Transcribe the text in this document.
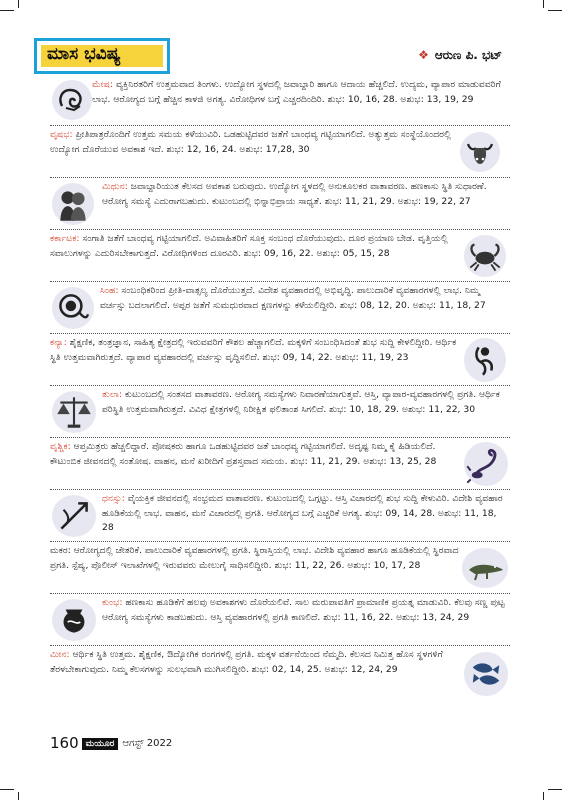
ಮಾಸ ಭವಿಷ್ಯ	❖ ಆರುಣ ಪಿ. ಭಟ್
ಮೇಷ: ವ್ಯಕ್ತಿನಿರತರಿಗೆ ಉತ್ತಮವಾದ ತಿಂಗಳು. ಉದ್ಯೋಗ ಸ್ಥಳದಲ್ಲಿ ಜವಾಬ್ದಾರಿ ಹಾಗೂ ಆದಾಯ ಹೆಚ್ಚಲಿದೆ. ಉದ್ಯಮ, ವ್ಯಾಪಾರ ಮಾಡುವವರಿಗೆ ಲಾಭ. ಆರೋಗ್ಯದ ಬಗ್ಗೆ ಹೆಚ್ಚಿನ ಕಾಳಜಿ ಅಗತ್ಯ. ವಿರೋಧಿಗಳ ಬಗ್ಗೆ ಎಚ್ಚರದಿಂದಿರಿ. ಶುಭ: 10, 16, 28. ಅಶುಭ: 13, 19, 29
ವೃಷಭ: ಪ್ರೀತಿಪಾತ್ರರೊಂದಿಗೆ ಉತ್ತಮ ಸಮಯ ಕಳೆಯುವಿರಿ. ಒಡಹುಟ್ಟಿದವರ ಜತೆಗೆ ಬಾಂಧವ್ಯ ಗಟ್ಟಿಯಾಗಲಿದೆ. ಅತ್ಯುತ್ತಮ ಸಂಸ್ಥೆಯೊಂದರಲ್ಲಿ ಉದ್ಯೋಗ ದೊರೆಯುವ ಅವಕಾಶ ಇದೆ. ಶುಭ: 12, 16, 24. ಅಶುಭ: 17,28, 30
ಮಿಥುನ: ಜವಾಬ್ದಾರಿಯುತ ಕೆಲಸದ ಅವಕಾಶ ಬರುವುದು. ಉದ್ಯೋಗ ಸ್ಥಳದಲ್ಲಿ ಅನುಕೂಲಕರ ವಾತಾವರಣ. ಹಣಕಾಸು ಸ್ಥಿತಿ ಸುಧಾರಣೆ. ಆರೋಗ್ಯ ಸಮಸ್ಯೆ ಎದುರಾಗಬಹುದು. ಕುಟುಂಬದಲ್ಲಿ ಭಿನ್ನಾಭಿಪ್ರಾಯ ಸಾಧ್ಯತೆ. ಶುಭ: 11, 21, 29. ಅಶುಭ: 19, 22, 27
ಕರ್ಕಾಟಕ: ಸಂಗಾತಿ ಜತೆಗೆ ಬಾಂಧವ್ಯ ಗಟ್ಟಿಯಾಗಲಿದೆ. ಅವಿವಾಹಿತರಿಗೆ ಸೂಕ್ತ ಸಂಬಂಧ ದೊರೆಯುವುದು. ದೂರ ಪ್ರಯಾಣ ಬೇಡ. ವೃತ್ತಿಯಲ್ಲಿ ಸವಾಲುಗಳನ್ನು ಎದುರಿಸಬೇಕಾಗುತ್ತದೆ. ವಿರೋಧಿಗಳಿಂದ ದೂರವಿರಿ. ಶುಭ: 09, 16, 22. ಅಶುಭ: 05, 15, 28
ಸಿಂಹ: ಸಂಬಂಧಿಕರಿಂದ ಪ್ರೀತಿ-ವಾತ್ಸಲ್ಯ ದೊರೆಯುತ್ತದೆ. ವಿದೇಶ ವ್ಯವಹಾರದಲ್ಲಿ ಅಭಿವೃದ್ಧಿ. ಪಾಲುದಾರಿಕೆ ವ್ಯವಹಾರಗಳಲ್ಲಿ ಲಾಭ. ನಿಮ್ಮ ವರ್ಚಸ್ಸು ಬದಲಾಗಲಿದೆ. ಅಪ್ಪರ ಜತೆಗೆ ಸುಮಧುರವಾದ ಕ್ಷಣಗಳನ್ನು ಕಳೆಯಲಿದ್ದೀರಿ. ಶುಭ: 08, 12, 20. ಅಶುಭ: 11, 18, 27
ಕನ್ಯಾ: ಶೈಕ್ಷಣಿಕ, ತಂತ್ರಜ್ಞಾನ, ಸಾಹಿತ್ಯ ಕ್ಷೇತ್ರದಲ್ಲಿ ಇರುವವರಿಗೆ ಕೌಶಲ ಹೆಚ್ಚಾಗಲಿದೆ. ಮಕ್ಕಳಿಗೆ ಸಂಬಂಧಿಸಿದಂತೆ ಶುಭ ಸುದ್ದಿ ಕೇಳಲಿದ್ದೀರಿ. ಆರ್ಥಿಕ ಸ್ಥಿತಿ ಉತ್ತಮವಾಗಿರುತ್ತದೆ. ವ್ಯಾಪಾರ ವ್ಯವಹಾರದಲ್ಲಿ ವರ್ಚಸ್ಸು ವೃದ್ಧಿಸಲಿದೆ. ಶುಭ: 09, 14, 22. ಅಶುಭ: 11, 19, 23
ತುಲಾ: ಕುಟುಂಬದಲ್ಲಿ ಸಂತಸದ ವಾತಾವರಣ. ಆರೋಗ್ಯ ಸಮಸ್ಯೆಗಳು ನಿವಾರಣೆಯಾಗುತ್ತವೆ. ಆಸ್ತಿ, ವ್ಯಾಪಾರ-ವ್ಯವಹಾರಗಳಲ್ಲಿ ಪ್ರಗತಿ. ಆರ್ಥಿಕ ಪರಿಸ್ಥಿತಿ ಉತ್ತಮವಾಗಿರುತ್ತದೆ. ವಿವಿಧ ಕ್ಷೇತ್ರಗಳಲ್ಲಿ ನಿರೀಕ್ಷಿತ ಫಲಿತಾಂಶ ಸಿಗಲಿದೆ. ಶುಭ: 10, 18, 29. ಅಶುಭ: 11, 22, 30
ವೃಶ್ಚಿಕ: ಆಪ್ತಮಿತ್ರರು ಹೆಚ್ಚಲಿದ್ದಾರೆ. ಪೋಷಕರು ಹಾಗೂ ಒಡಹುಟ್ಟಿದವರ ಜತೆ ಬಾಂಧವ್ಯ ಗಟ್ಟಿಯಾಗಲಿದೆ. ಅದೃಷ್ಟ ನಿಮ್ಮ ಕೈ ಹಿಡಿಯಲಿದೆ. ಕೌಟುಂಬಿಕ ಜೀವನದಲ್ಲಿ ಸಂತೋಷ. ವಾಹನ, ಮನೆ ಖರೀದಿಗೆ ಪ್ರಶಸ್ತವಾದ ಸಮಯ. ಶುಭ: 11, 21, 29. ಅಶುಭ: 13, 25, 28
ಧನಸ್ಸು: ವೈಯಕ್ತಿಕ ಜೀವನದಲ್ಲಿ ಸಂಭ್ರಮದ ವಾತಾವರಣ. ಕುಟುಂಬದಲ್ಲಿ ಒಗ್ಗಟ್ಟು. ಆಸ್ತಿ ವಿಚಾರದಲ್ಲಿ ಶುಭ ಸುದ್ದಿ ಕೇಳುವಿರಿ. ವಿದೇಶಿ ವ್ಯವಹಾರ ಹೂಡಿಕೆಯಲ್ಲಿ ಲಾಭ. ವಾಹನ, ಮನೆ ವಿಚಾರದಲ್ಲಿ ಪ್ರಗತಿ. ಆರೋಗ್ಯದ ಬಗ್ಗೆ ಎಚ್ಚರಿಕೆ ಅಗತ್ಯ. ಶುಭ: 09, 14, 28. ಅಶುಭ: 11, 18, 28
ಮಕರ: ಆರೋಗ್ಯದಲ್ಲಿ ಚೇತರಿಕೆ. ಪಾಲುದಾರಿಕೆ ವ್ಯವಹಾರಗಳಲ್ಲಿ ಪ್ರಗತಿ. ಸ್ಥಿರಾಸ್ತಿಯಲ್ಲಿ ಲಾಭ. ವಿದೇಶಿ ವ್ಯವಹಾರ ಹಾಗೂ ಹೂಡಿಕೆಯಲ್ಲಿ ಸ್ಥಿರವಾದ ಪ್ರಗತಿ. ಸ್ಪೆಷ್ಯ, ಪೊಲೀಸ್ ಇಲಾಖೆಗಳಲ್ಲಿ ಇರುವವರು ಮೇಲುಗೈ ಸಾಧಿಸಲಿದ್ದೀರಿ. ಶುಭ: 11, 22, 26. ಅಶುಭ: 10, 17, 28
ಕುಂಭ: ಹಣಕಾಸು ಹೂಡಿಕೆಗೆ ಹಲವು ಅವಕಾಶಗಳು ದೊರೆಯಲಿವೆ. ಸಾಲ ಮರುಪಾವತಿಗೆ ಪ್ರಾಮಾಣಿಕ ಪ್ರಯತ್ನ ಮಾಡುವಿರಿ. ಕೆಲವು ಸಣ್ಣ ಪುಟ್ಟ ಆರೋಗ್ಯ ಸಮಸ್ಯೆಗಳು ಕಾಡಬಹುದು. ಆಸ್ತಿ ವ್ಯವಹಾರಗಳಲ್ಲಿ ಪ್ರಗತಿ ಕಾಣಲಿದೆ. ಶುಭ: 11, 16, 22. ಅಶುಭ: 13, 24, 29
ಮೀನ: ಆರ್ಥಿಕ ಸ್ಥಿತಿ ಉತ್ತಮ. ಶೈಕ್ಷಣಿಕ, ಔದ್ಯೋಗಿಕ ರಂಗಗಳಲ್ಲಿ ಪ್ರಗತಿ. ಮಕ್ಕಳ ವರ್ತನೆಯಿಂದ ನೆಮ್ಮದಿ. ಕೆಲಸದ ನಿಮಿತ್ತ ಹೊಸ ಸ್ಥಳಗಳಿಗೆ ತೆರಳಬೇಕಾಗುವುದು. ನಿಮ್ಮ ಕೆಲಸಗಳನ್ನು ಸುಲಭವಾಗಿ ಮುಗಿಸಲಿದ್ದೀರಿ. ಶುಭ: 02, 14, 25. ಅಶುಭ: 12, 24, 29
160 ಮಯೂರ ಆಗಸ್ಟ್ 2022
